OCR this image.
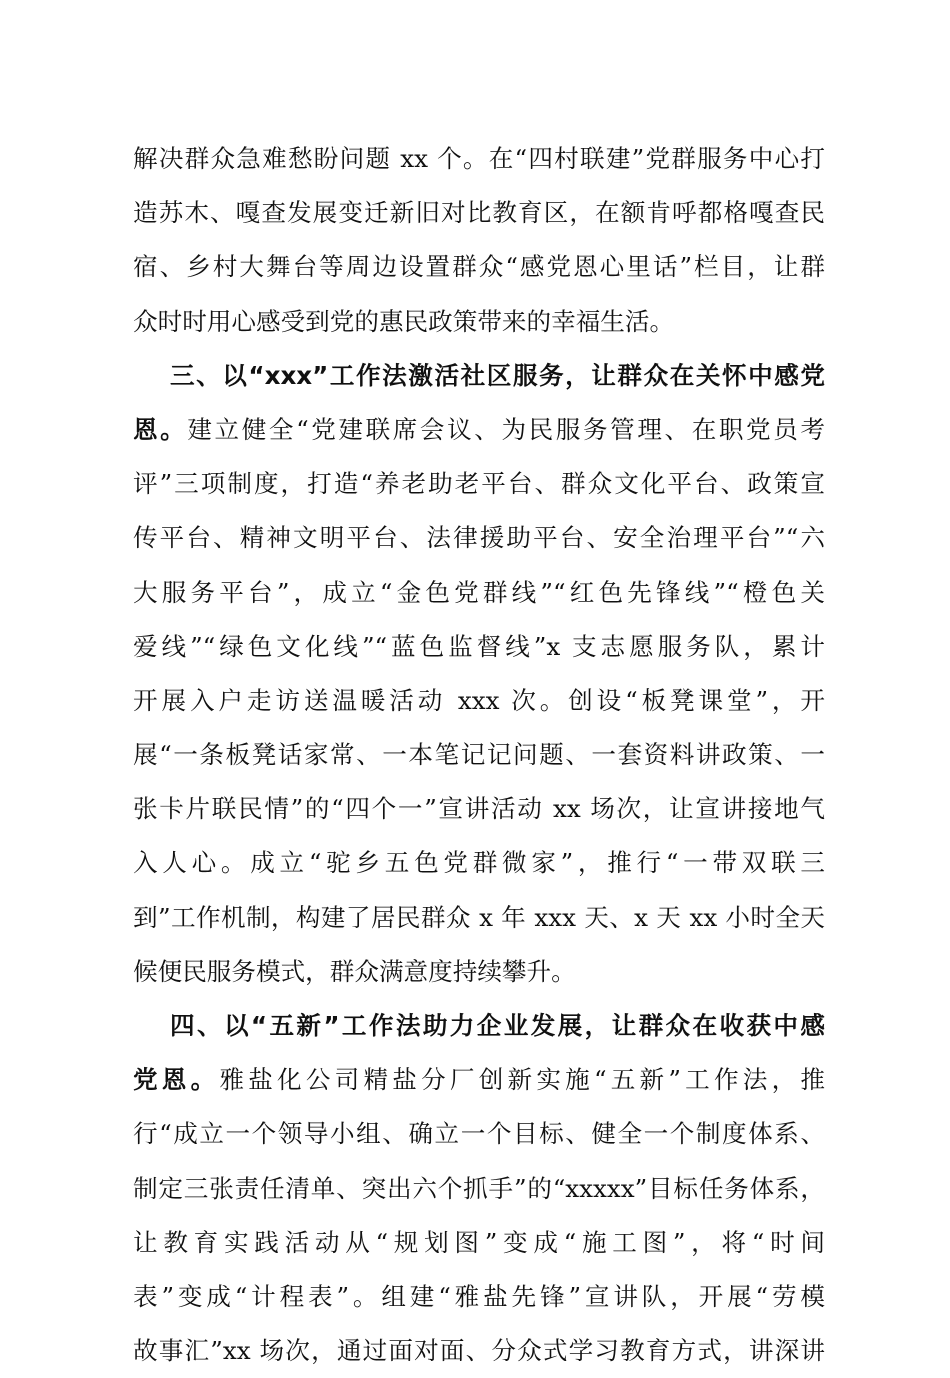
解决群众急难愁盼问题 xx 个。在“四村联建”党群服务中心打
造苏木、嘎查发展变迁新旧对比教育区，在额肯呼都格嘎查民
宿、乡村大舞台等周边设置群众“感党恩心里话”栏目，让群
众时时用心感受到党的惠民政策带来的幸福生活。
三、以“xxx”工作法激活社区服务，让群众在关怀中感党
恩。建立健全“党建联席会议、为民服务管理、在职党员考
评”三项制度，打造“养老助老平台、群众文化平台、政策宣
传平台、精神文明平台、法律援助平台、安全治理平台”“六
大服务平台”，成立“金色党群线”“红色先锋线”“橙色关
爱线”“绿色文化线”“蓝色监督线”x 支志愿服务队，累计
开展入户走访送温暖活动 xxx 次。创设“板凳课堂”，开
展“一条板凳话家常、一本笔记记问题、一套资料讲政策、一
张卡片联民情”的“四个一”宣讲活动 xx 场次，让宣讲接地气
入人心。成立“驼乡五色党群微家”，推行“一带双联三
到”工作机制，构建了居民群众 x 年 xxx 天、x 天 xx 小时全天
候便民服务模式，群众满意度持续攀升。
四、以“五新”工作法助力企业发展，让群众在收获中感
党恩。雅盐化公司精盐分厂创新实施“五新”工作法，推
行“成立一个领导小组、确立一个目标、健全一个制度体系、
制定三张责任清单、突出六个抓手”的“xxxxx”目标任务体系，
让教育实践活动从“规划图”变成“施工图”，将“时间
表”变成“计程表”。组建“雅盐先锋”宣讲队，开展“劳模
故事汇”xx 场次，通过面对面、分众式学习教育方式，讲深讲
